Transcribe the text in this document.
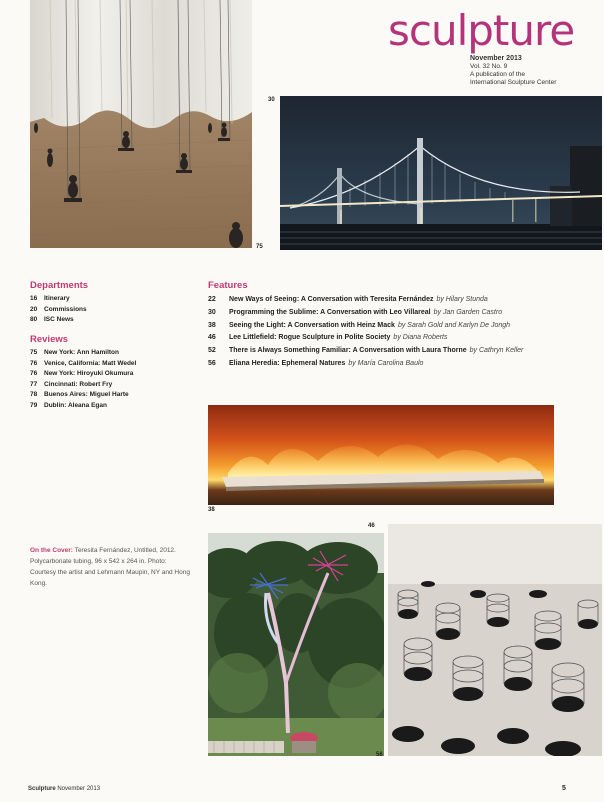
sculpture
November 2013
Vol. 32 No. 9
A publication of the
International Sculpture Center
75
30
Departments
16	Itinerary
20	Commissions
80	ISC News
Reviews
75	New York: Ann Hamilton
76	Venice, California: Matt Wedel
76	New York: Hiroyuki Okumura
77	Cincinnati: Robert Fry
78	Buenos Aires: Miguel Harte
79	Dublin: Aleana Egan
Features
22	New Ways of Seeing: A Conversation with Teresita Fernández by Hilary Stunda
30	Programming the Sublime: A Conversation with Leo Villareal by Jan Garden Castro
38	Seeing the Light: A Conversation with Heinz Mack by Sarah Gold and Karlyn De Jongh
46	Lee Littlefield: Rogue Sculpture in Polite Society by Diana Roberts
52	There is Always Something Familiar: A Conversation with Laura Thorne by Cathryn Keller
56	Eliana Heredia: Ephemeral Natures by María Carolina Baulo
38
On the Cover: Teresita Fernández, Untitled, 2012. Polycarbonate tubing, 96 x 542 x 264 in. Photo: Courtesy the artist and Lehmann Maupin, NY and Hong Kong.
46
56
Sculpture November 2013	5
